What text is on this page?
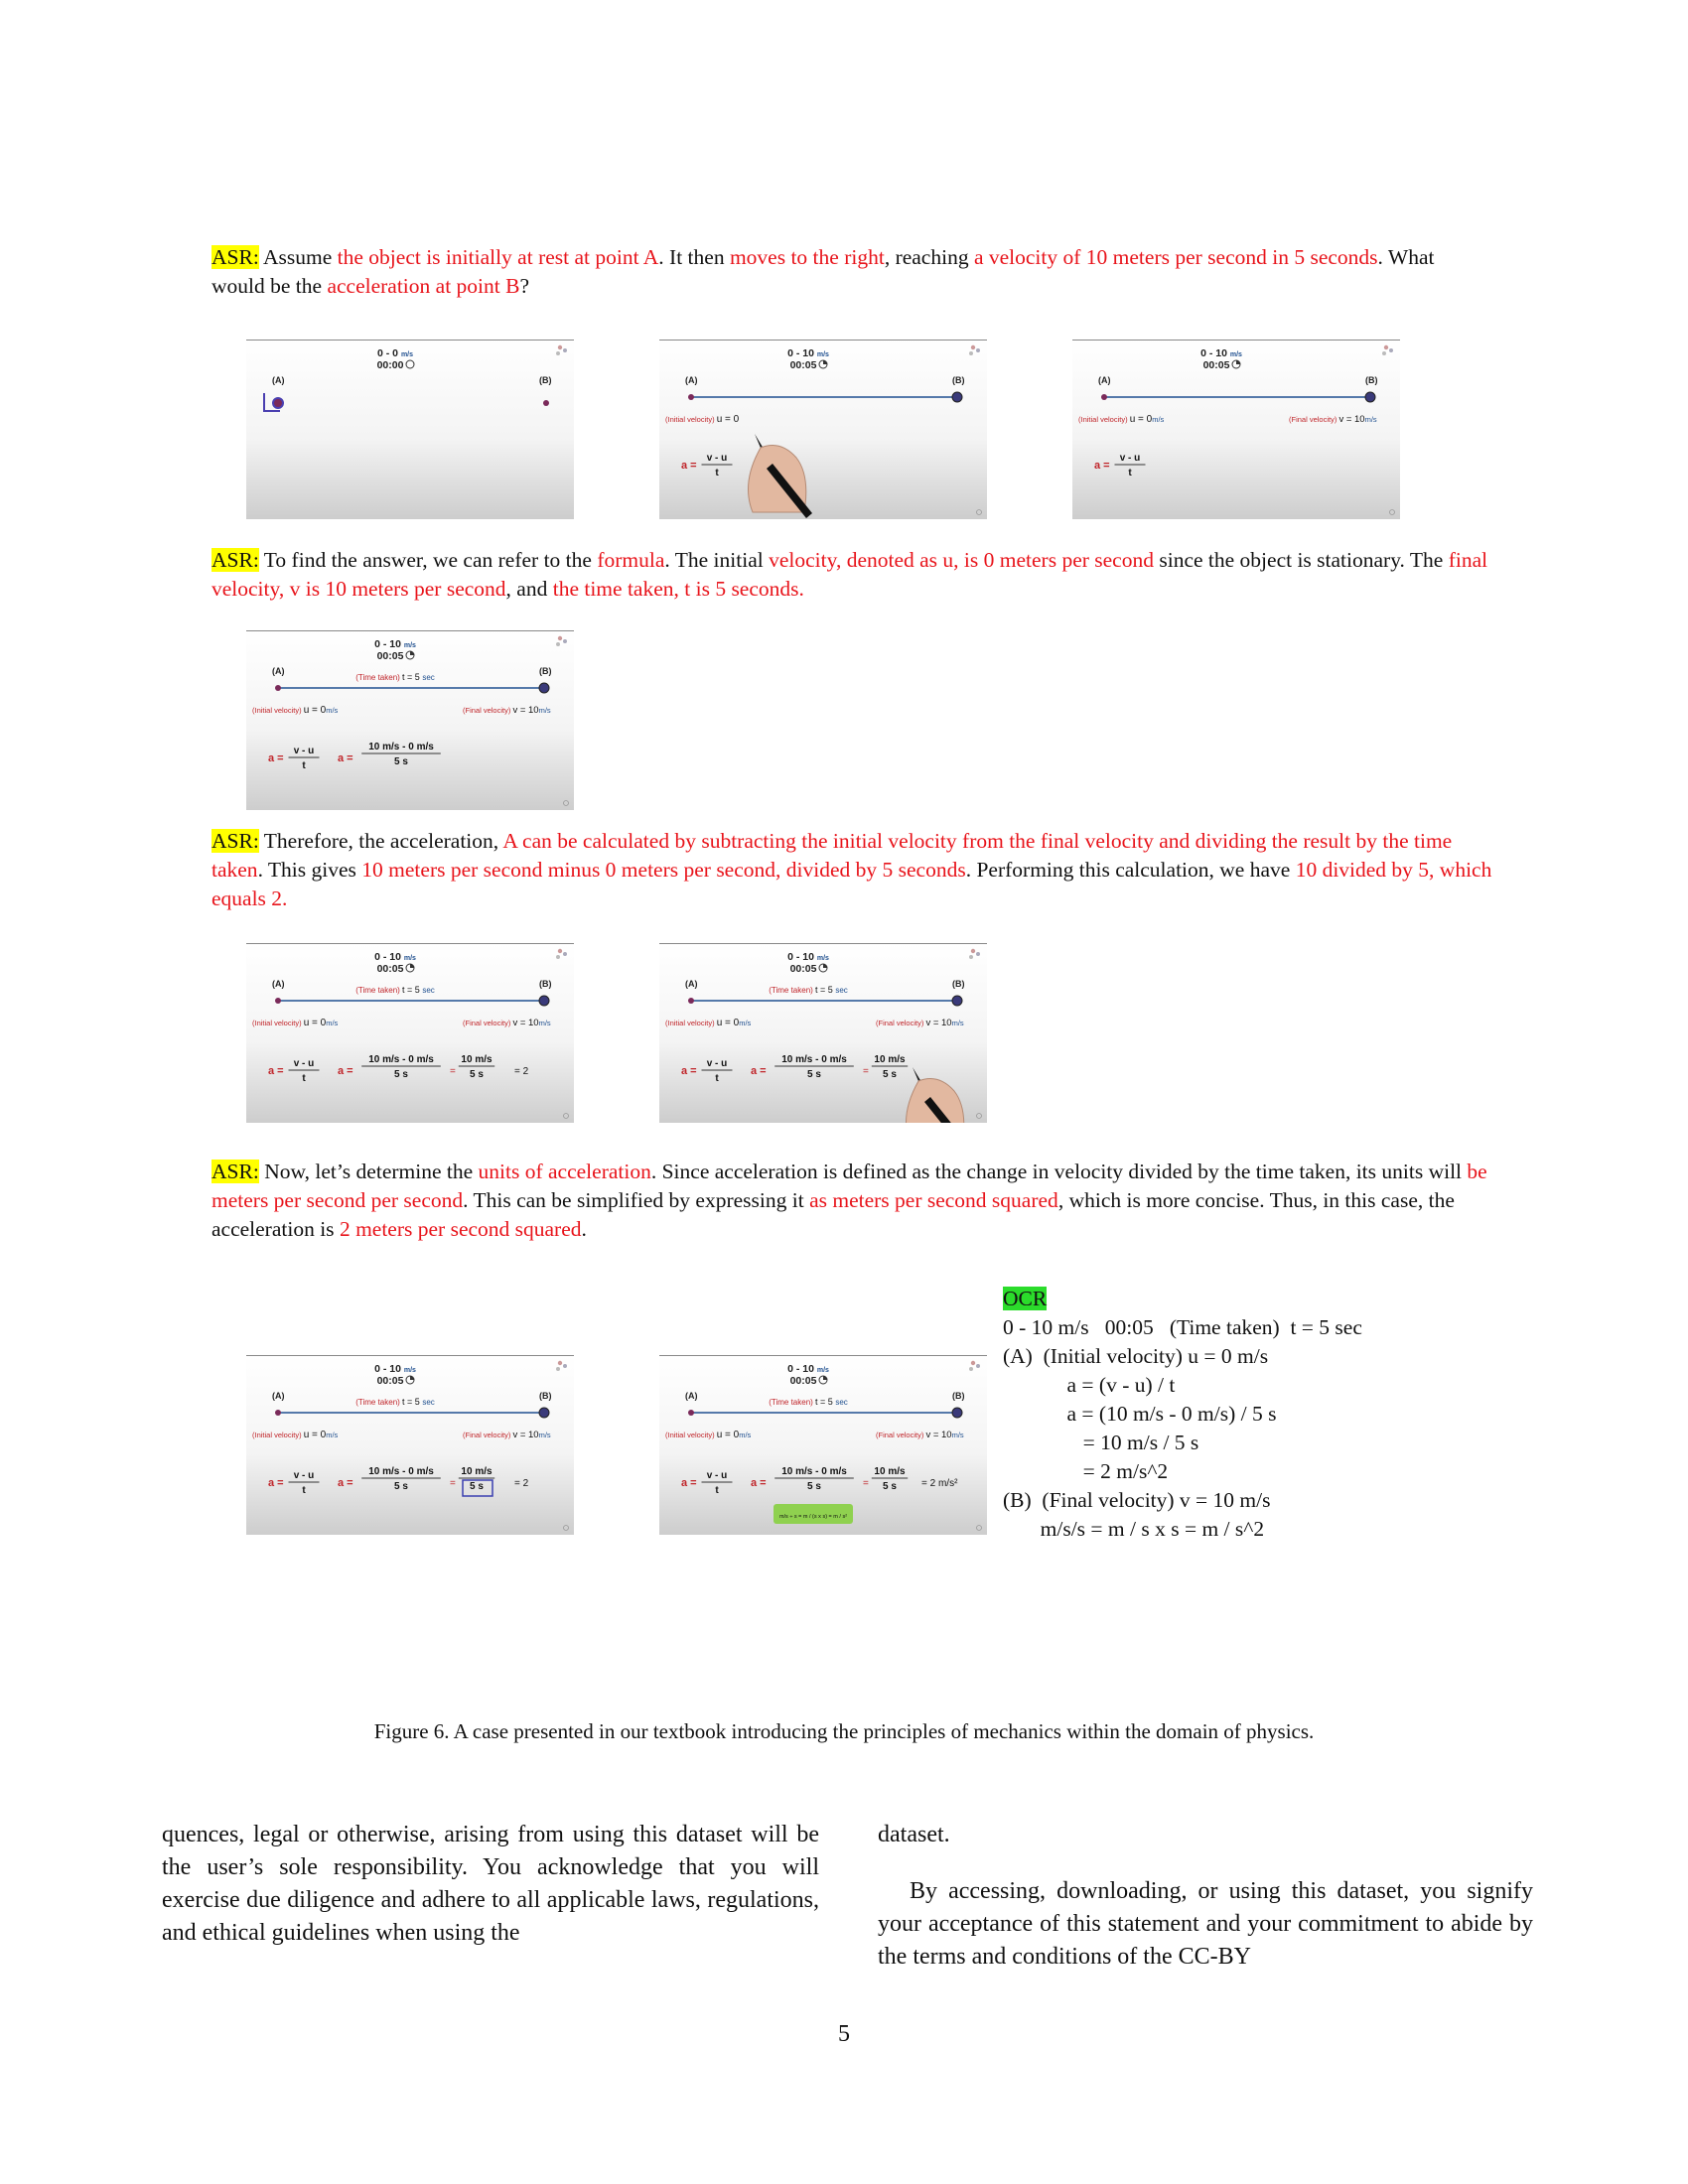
ASR: Assume the object is initially at rest at point A. It then moves to the right, reaching a velocity of 10 meters per second in 5 seconds. What would be the acceleration at point B?
ASR: To find the answer, we can refer to the formula. The initial velocity, denoted as u, is 0 meters per second since the object is stationary. The final velocity, v is 10 meters per second, and the time taken, t is 5 seconds.
ASR: Therefore, the acceleration, A can be calculated by subtracting the initial velocity from the final velocity and dividing the result by the time taken. This gives 10 meters per second minus 0 meters per second, divided by 5 seconds. Performing this calculation, we have 10 divided by 5, which equals 2.
ASR: Now, let’s determine the units of acceleration. Since acceleration is defined as the change in velocity divided by the time taken, its units will be meters per second per second. This can be simplified by expressing it as meters per second squared, which is more concise. Thus, in this case, the acceleration is 2 meters per second squared.
0 - 0 m/s
00:00
(A)	(B)
0 - 10 m/s
00:05
(A)	(B)
(Initial velocity) u = 0
a =
v - u
t
0 - 10 m/s
00:05
(A)	(B)
(Initial velocity) u = 0m/s	(Final velocity) v = 10m/s
a =
v - u
t
0 - 10 m/s
00:05
(A)	(B)
(Time taken) t = 5 sec
(Initial velocity) u = 0m/s	(Final velocity) v = 10m/s
a =
v - u
t
a =
10 m/s - 0 m/s
5 s
0 - 10 m/s
00:05
(A)	(B)
(Time taken) t = 5 sec
(Initial velocity) u = 0m/s	(Final velocity) v = 10m/s
a =
v - u
t
a =
10 m/s - 0 m/s
5 s	=
10 m/s
5 s	= 2
0 - 10 m/s
00:05
(A)	(B)
(Time taken) t = 5 sec
(Initial velocity) u = 0m/s	(Final velocity) v = 10m/s
a =
v - u
t
a =
10 m/s - 0 m/s
5 s	=
10 m/s
5 s
0 - 10 m/s
00:05
(A)	(B)
(Time taken) t = 5 sec
(Initial velocity) u = 0m/s	(Final velocity) v = 10m/s
a =
v - u
t
a =
10 m/s - 0 m/s
5 s	=
10 m/s
5 s	= 2
0 - 10 m/s
00:05
(A)	(B)
(Time taken) t = 5 sec
(Initial velocity) u = 0m/s	(Final velocity) v = 10m/s
a =
v - u
t
a =
10 m/s - 0 m/s
5 s	=
10 m/s
5 s	= 2 m/s²
m/s ÷ s = m / (s x s) = m / s²
OCR
0 - 10 m/s   00:05   (Time taken)  t = 5 sec
(A)  (Initial velocity) u = 0 m/s
a = (v - u) / t
a = (10 m/s - 0 m/s) / 5 s
= 10 m/s / 5 s
= 2 m/s^2
(B)  (Final velocity) v = 10 m/s
m/s/s = m / s x s = m / s^2
Figure 6. A case presented in our textbook introducing the principles of mechanics within the domain of physics.
quences, legal or otherwise, arising from using this dataset will be the user’s sole responsibility. You acknowledge that you will exercise due diligence and adhere to all applicable laws, regulations, and ethical guidelines when using the
dataset.
By accessing, downloading, or using this dataset, you signify your acceptance of this statement and your commitment to abide by the terms and conditions of the CC-BY
5
